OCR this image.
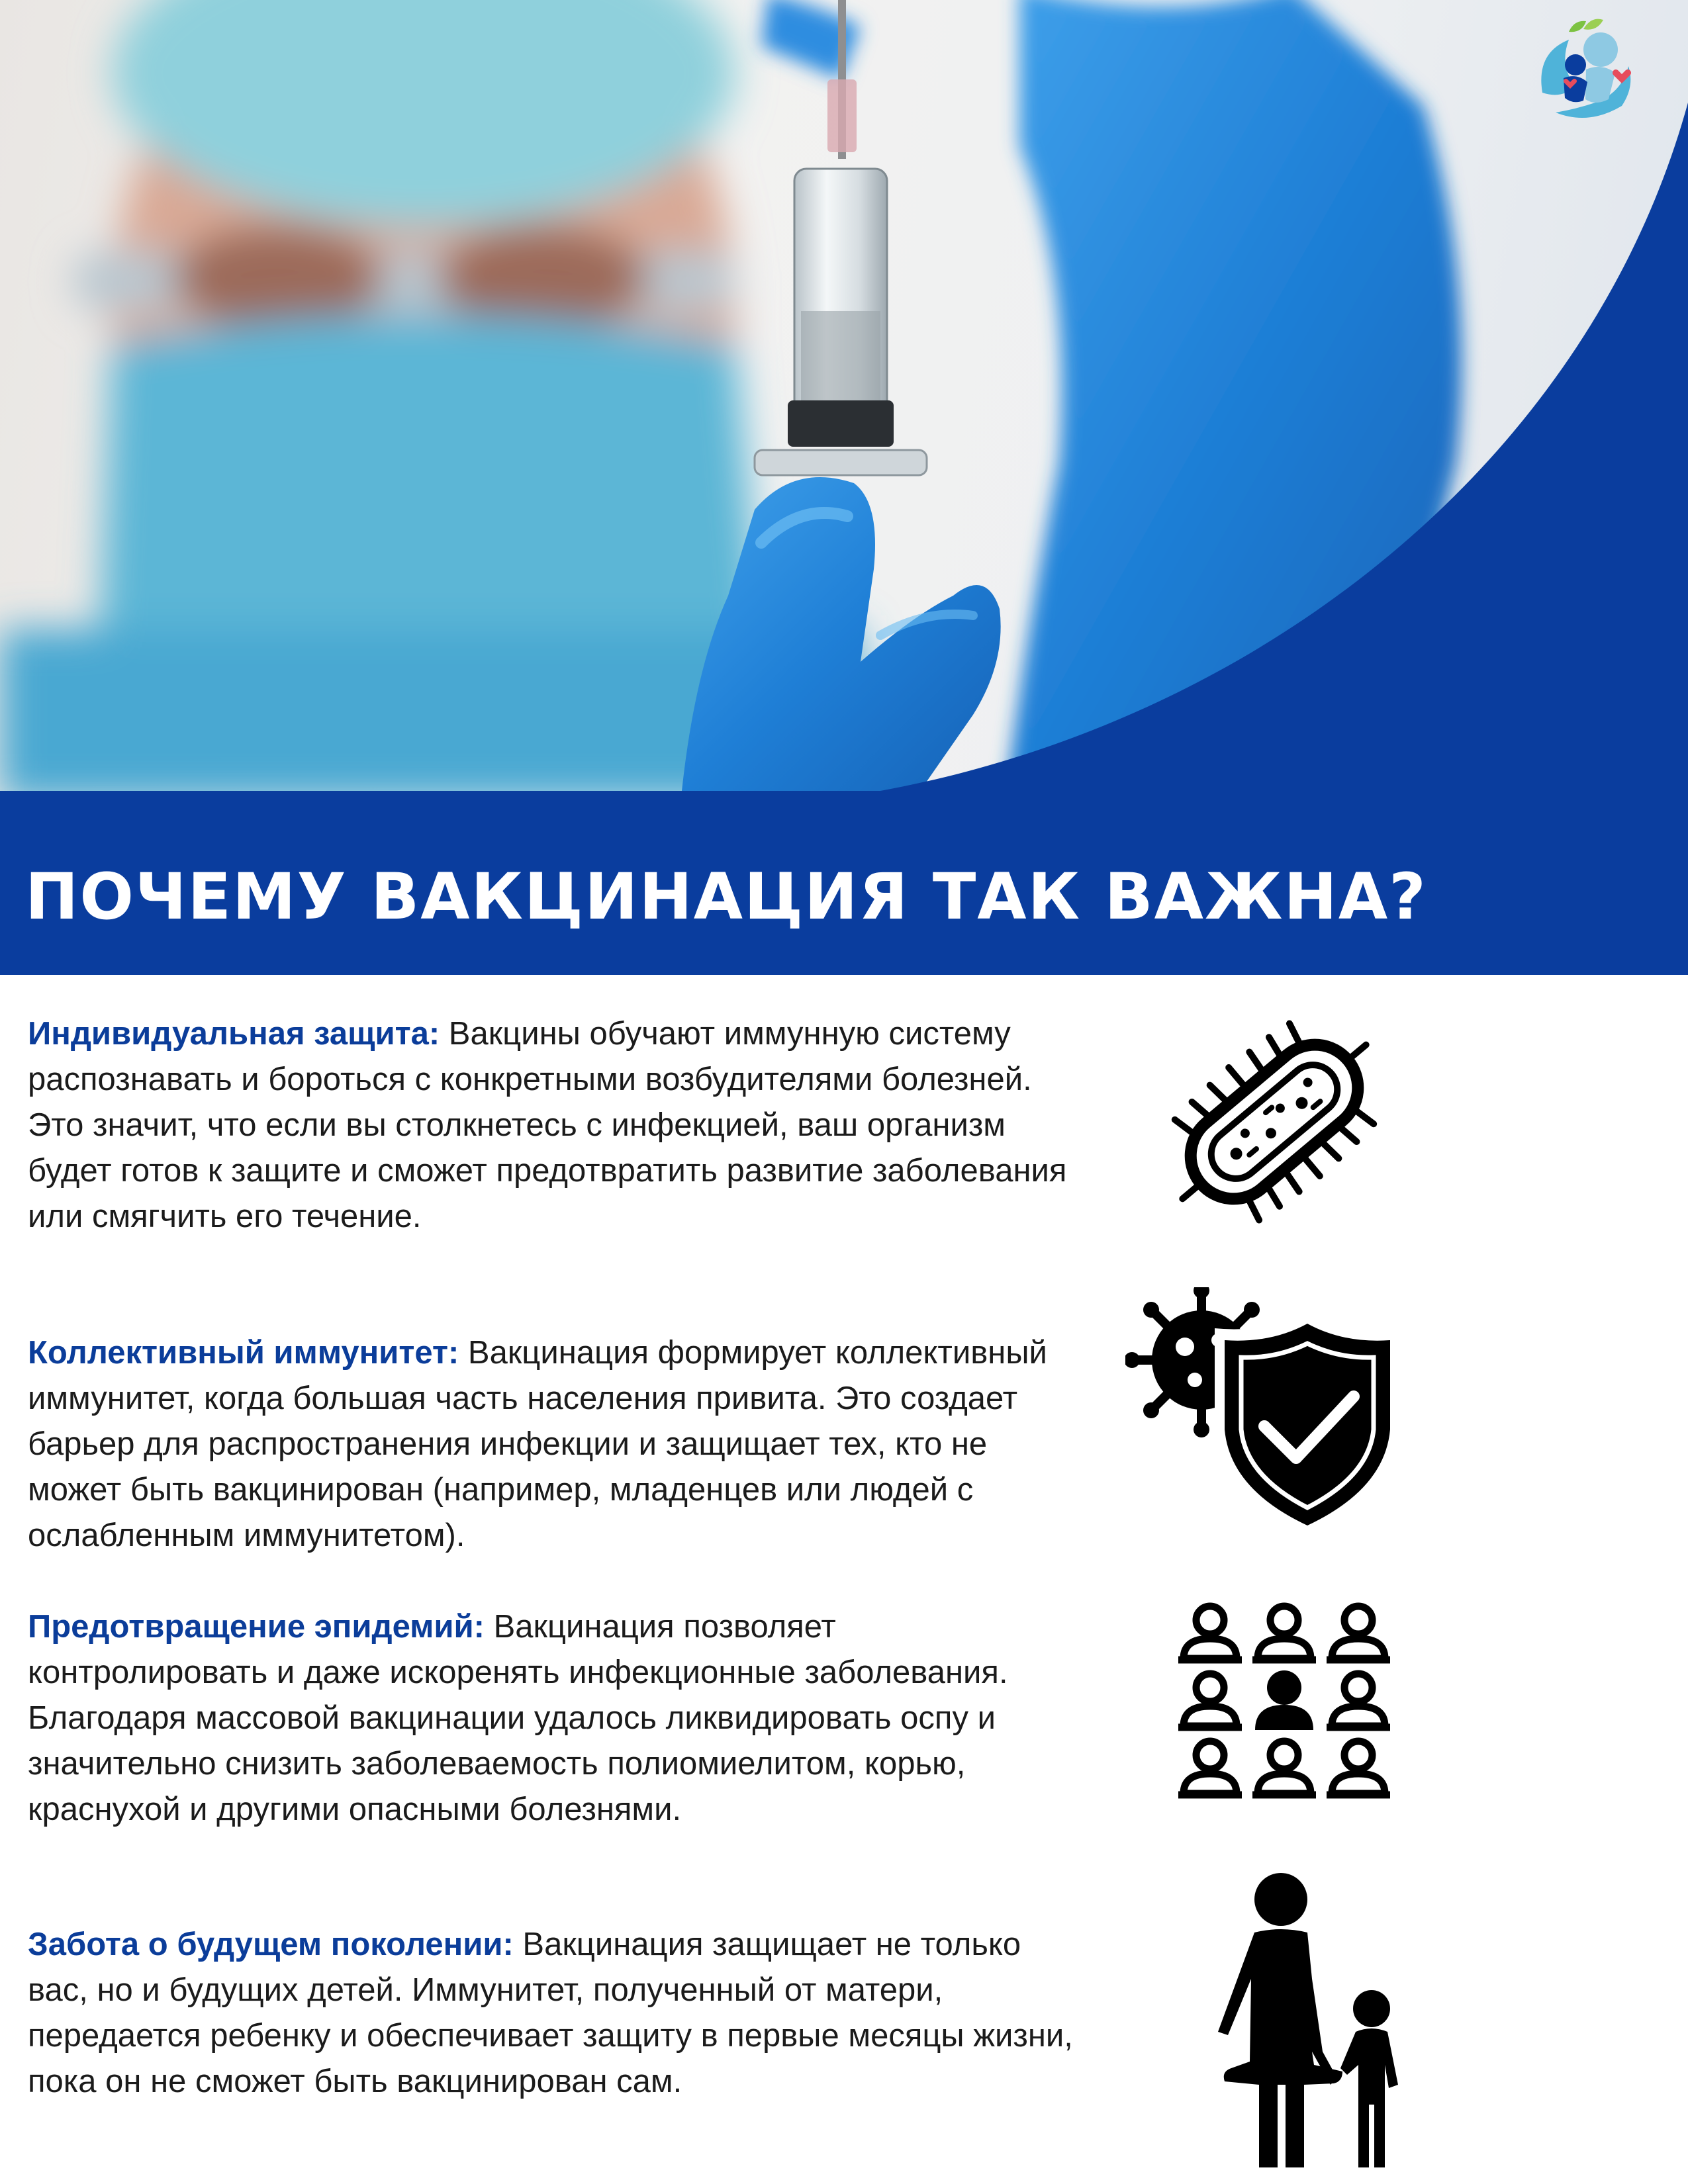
ПОЧЕМУ ВАКЦИНАЦИЯ ТАК ВАЖНА?

Индивидуальная защита: Вакцины обучают иммунную систему распознавать и бороться с конкретными возбудителями болезней. Это значит, что если вы столкнетесь с инфекцией, ваш организм будет готов к защите и сможет предотвратить развитие заболевания или смягчить его течение.

Коллективный иммунитет: Вакцинация формирует коллективный иммунитет, когда большая часть населения привита. Это создает барьер для распространения инфекции и защищает тех, кто не может быть вакцинирован (например, младенцев или людей с ослабленным иммунитетом).

Предотвращение эпидемий: Вакцинация позволяет контролировать и даже искоренять инфекционные заболевания. Благодаря массовой вакцинации удалось ликвидировать оспу и значительно снизить заболеваемость полиомиелитом, корью, краснухой и другими опасными болезнями.

Забота о будущем поколении: Вакцинация защищает не только вас, но и будущих детей. Иммунитет, полученный от матери, передается ребенку и обеспечивает защиту в первые месяцы жизни, пока он не сможет быть вакцинирован сам.
